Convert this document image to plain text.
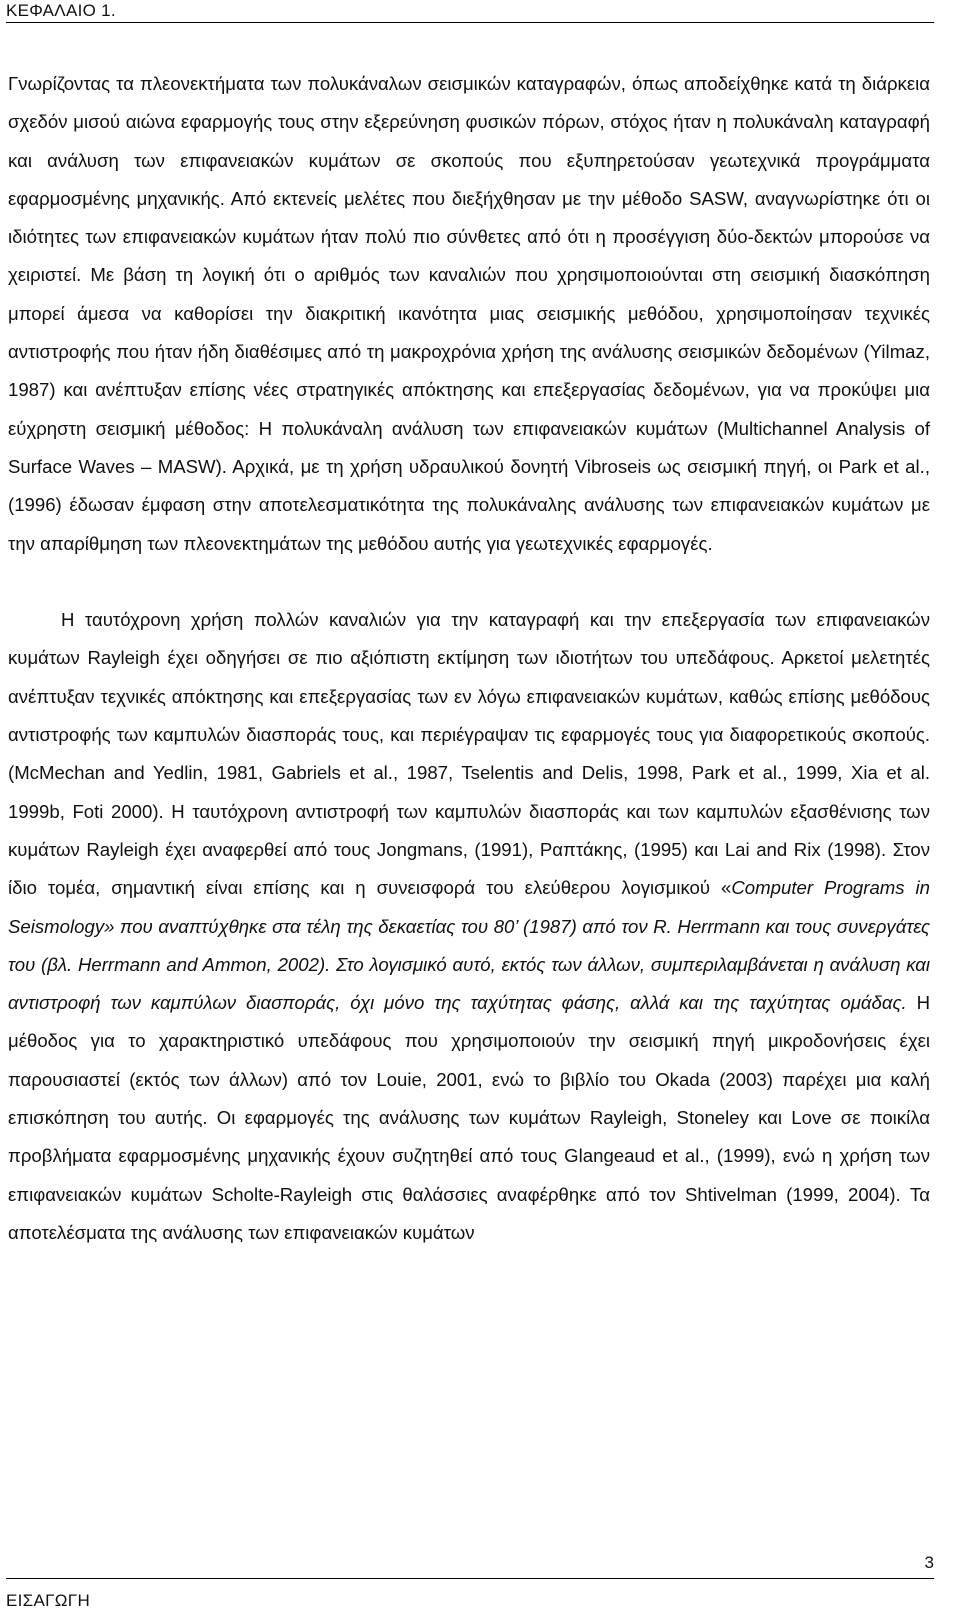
ΚΕΦΑΛΑΙΟ 1.

Γνωρίζοντας τα πλεονεκτήματα των πολυκάναλων σεισμικών καταγραφών, όπως αποδείχθηκε κατά τη διάρκεια σχεδόν μισού αιώνα εφαρμογής τους στην εξερεύνηση φυσικών πόρων, στόχος ήταν η πολυκάναλη καταγραφή και ανάλυση των επιφανειακών κυμάτων σε σκοπούς που εξυπηρετούσαν γεωτεχνικά προγράμματα εφαρμοσμένης μηχανικής. Από εκτενείς μελέτες που διεξήχθησαν με την μέθοδο SASW, αναγνωρίστηκε ότι οι ιδιότητες των επιφανειακών κυμάτων ήταν πολύ πιο σύνθετες από ότι η προσέγγιση δύο-δεκτών μπορούσε να χειριστεί. Με βάση τη λογική ότι ο αριθμός των καναλιών που χρησιμοποιούνται στη σεισμική διασκόπηση μπορεί άμεσα να καθορίσει την διακριτική ικανότητα μιας σεισμικής μεθόδου, χρησιμοποίησαν τεχνικές αντιστροφής που ήταν ήδη διαθέσιμες από τη μακροχρόνια χρήση της ανάλυσης σεισμικών δεδομένων (Yilmaz, 1987) και ανέπτυξαν επίσης νέες στρατηγικές απόκτησης και επεξεργασίας δεδομένων, για να προκύψει μια εύχρηστη σεισμική μέθοδος: Η πολυκάναλη ανάλυση των επιφανειακών κυμάτων (Multichannel Analysis of Surface Waves – MASW). Αρχικά, με τη χρήση υδραυλικού δονητή Vibroseis ως σεισμική πηγή, οι Park et al., (1996) έδωσαν έμφαση στην αποτελεσματικότητα της πολυκάναλης ανάλυσης των επιφανειακών κυμάτων με την απαρίθμηση των πλεονεκτημάτων της μεθόδου αυτής για γεωτεχνικές εφαρμογές.

Η ταυτόχρονη χρήση πολλών καναλιών για την καταγραφή και την επεξεργασία των επιφανειακών κυμάτων Rayleigh έχει οδηγήσει σε πιο αξιόπιστη εκτίμηση των ιδιοτήτων του υπεδάφους. Αρκετοί μελετητές ανέπτυξαν τεχνικές απόκτησης και επεξεργασίας των εν λόγω επιφανειακών κυμάτων, καθώς επίσης μεθόδους αντιστροφής των καμπυλών διασποράς τους, και περιέγραψαν τις εφαρμογές τους για διαφορετικούς σκοπούς. (McMechan and Yedlin, 1981, Gabriels et al., 1987, Tselentis and Delis, 1998, Park et al., 1999, Xia et al. 1999b, Foti 2000). Η ταυτόχρονη αντιστροφή των καμπυλών διασποράς και των καμπυλών εξασθένισης των κυμάτων Rayleigh έχει αναφερθεί από τους Jongmans, (1991), Ραπτάκης, (1995) και Lai and Rix (1998). Στον ίδιο τομέα, σημαντική είναι επίσης και η συνεισφορά του ελεύθερου λογισμικού «Computer Programs in Seismology» που αναπτύχθηκε στα τέλη της δεκαετίας του 80’ (1987) από τον R. Herrmann και τους συνεργάτες του (βλ. Herrmann and Ammon, 2002). Στο λογισμικό αυτό, εκτός των άλλων, συμπεριλαμβάνεται η ανάλυση και αντιστροφή των καμπύλων διασποράς, όχι μόνο της ταχύτητας φάσης, αλλά και της ταχύτητας ομάδας. Η μέθοδος για το χαρακτηριστικό υπεδάφους που χρησιμοποιούν την σεισμική πηγή μικροδονήσεις έχει παρουσιαστεί (εκτός των άλλων) από τον Louie, 2001, ενώ το βιβλίο του Okada (2003) παρέχει μια καλή επισκόπηση του αυτής. Οι εφαρμογές της ανάλυσης των κυμάτων Rayleigh, Stoneley και Love σε ποικίλα προβλήματα εφαρμοσμένης μηχανικής έχουν συζητηθεί από τους Glangeaud et al., (1999), ενώ η χρήση των επιφανειακών κυμάτων Scholte-Rayleigh στις θαλάσσιες αναφέρθηκε από τον Shtivelman (1999, 2004). Τα αποτελέσματα της ανάλυσης των επιφανειακών κυμάτων

3
ΕΙΣΑΓΩΓΗ
